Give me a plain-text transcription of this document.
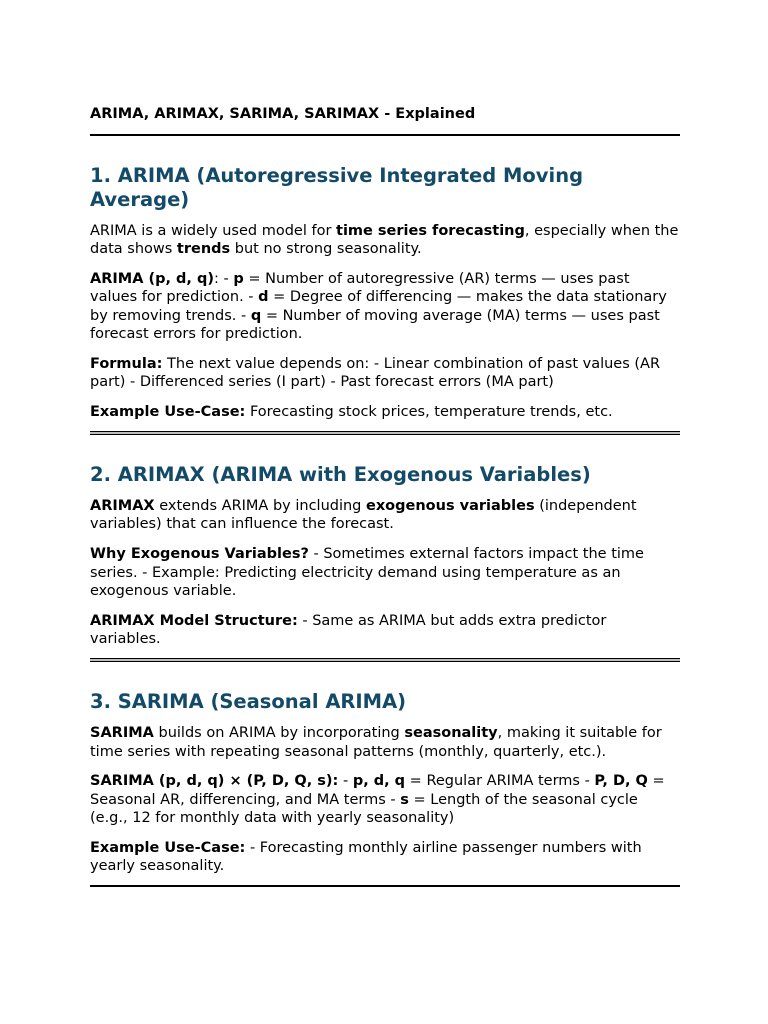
ARIMA, ARIMAX, SARIMA, SARIMAX - Explained
1. ARIMA (Autoregressive Integrated Moving Average)

ARIMA is a widely used model for time series forecasting, especially when the data shows trends but no strong seasonality.

ARIMA (p, d, q): - p = Number of autoregressive (AR) terms — uses past values for prediction. - d = Degree of differencing — makes the data stationary by removing trends. - q = Number of moving average (MA) terms — uses past forecast errors for prediction.

Formula: The next value depends on: - Linear combination of past values (AR part) - Differenced series (I part) - Past forecast errors (MA part)

Example Use-Case: Forecasting stock prices, temperature trends, etc.

2. ARIMAX (ARIMA with Exogenous Variables)

ARIMAX extends ARIMA by including exogenous variables (independent variables) that can influence the forecast.

Why Exogenous Variables? - Sometimes external factors impact the time series. - Example: Predicting electricity demand using temperature as an exogenous variable.

ARIMAX Model Structure: - Same as ARIMA but adds extra predictor variables.

3. SARIMA (Seasonal ARIMA)

SARIMA builds on ARIMA by incorporating seasonality, making it suitable for time series with repeating seasonal patterns (monthly, quarterly, etc.).

SARIMA (p, d, q) × (P, D, Q, s): - p, d, q = Regular ARIMA terms - P, D, Q = Seasonal AR, differencing, and MA terms - s = Length of the seasonal cycle (e.g., 12 for monthly data with yearly seasonality)

Example Use-Case: - Forecasting monthly airline passenger numbers with yearly seasonality.
